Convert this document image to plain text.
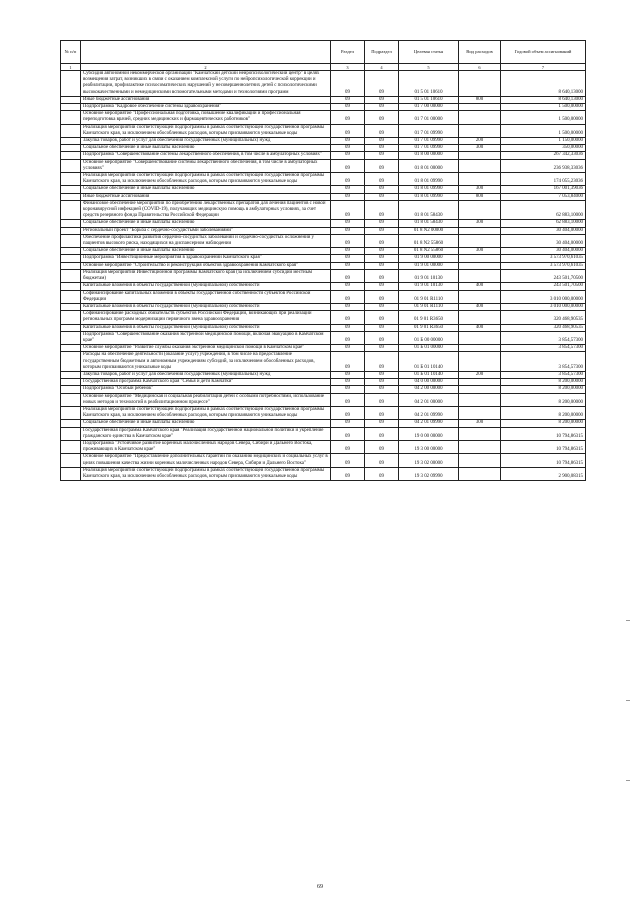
№ п/п		Раздел	Подраздел	Целевая статья	Вид расходов	Годовой объем ассигнований
1	2	3	4	5	6	7
	Субсидия автономной некоммерческой организации "Камчатский детский нейропсихологический центр" в целях возмещения затрат, возникших в связи с оказанием комплексной услуги по нейропсихологической коррекции и реабилитации, профилактике психосоматических нарушений у несовершеннолетних детей с психологическими высококачественными и немедицинскими вспомогательными методами и технологиями программ	09	09	01 5 01 10610		8 640,13000
	Иные бюджетные ассигнования	09	09	01 5 01 10610	800	8 640,13000
	Подпрограмма "Кадровое обеспечение системы здравоохранения"	09	09	01 7 00 00000		1 500,00000
	Основное мероприятие "Профессиональная подготовка, повышение квалификации и профессиональная переподготовка врачей, средних медицинских и фармацевтических работников"	09	09	01 7 01 00000		1 500,00000
	Реализация мероприятий соответствующей подпрограммы в рамках соответствующей государственной программы Камчатского края, за исключением обособленных расходов, которым присваиваются уникальные коды	09	09	01 7 01 09990		1 500,00000
	Закупка товаров, работ и услуг для обеспечения государственных (муниципальных) нужд	09	09	01 7 01 09990	200	1 150,00000
	Социальное обеспечение и иные выплаты населению	09	09	01 7 01 09990	300	350,00000
	Подпрограмма "Совершенствование системы лекарственного обеспечения, в том числе в амбулаторных условиях"	09	09	01 8 00 00000		267 342,33036
	Основное мероприятие "Совершенствование системы лекарственного обеспечения, в том числе в амбулаторных условиях"	09	09	01 8 01 00000		236 938,33036
	Реализация мероприятий соответствующей подпрограммы в рамках соответствующей государственной программы Камчатского края, за исключением обособленных расходов, которым присваиваются уникальные коды	09	09	01 8 01 09990		174 055,23036
	Социальное обеспечение и иные выплаты населению	09	09	01 8 01 09990	300	167 001,39036
	Иные бюджетные ассигнования	09	09	01 8 01 09990	800	7 053,84000
	Финансовое обеспечение мероприятий по приобретению лекарственных препаратов для лечения пациентов с новой коронавирусной инфекцией (COVID-19), получающих медицинскую помощь в амбулаторных условиях, за счет средств резервного фонда Правительства Российской Федерации	09	09	01 8 01 58430		62 883,10000
	Социальное обеспечение и иные выплаты населению	09	09	01 8 01 58430	300	62 883,10000
	Региональный проект "Борьба с сердечно-сосудистыми заболеваниями"	09	09	01 8 N2 00000		30 404,00000
	Обеспечение профилактики развития сердечно-сосудистых заболеваний и сердечно-сосудистых осложнений у пациентов высокого риска, находящихся на диспансерном наблюдении	09	09	01 8 N2 55860		30 404,00000
	Социальное обеспечение и иные выплаты населению	09	09	01 8 N2 55860	300	30 404,00000
	Подпрограмма "Инвестиционные мероприятия в здравоохранении Камчатского края"	09	09	01 9 00 00000		3 573 970,61035
	Основное мероприятие "Строительство и реконструкция объектов здравоохранения Камчатского края"	09	09	01 9 01 00000		3 573 970,61035
	Реализация мероприятий Инвестиционной программы Камчатского края (за исключением субсидий местным бюджетам)	09	09	01 9 01 10130		243 501,70500
	Капитальные вложения в объекты государственной (муниципальной) собственности	09	09	01 9 01 10130	400	243 501,70500
	Софинансирование капитальных вложений в объекты государственной собственности субъектов Российской Федерации	09	09	01 9 01 R1110		3 010 000,00000
	Капитальные вложения в объекты государственной (муниципальной) собственности	09	09	01 9 01 R1110	400	3 010 000,00000
	Софинансирование расходных обязательств субъектов Российской Федерации, возникающих при реализации региональных программ модернизации первичного звена здравоохранения	09	09	01 9 01 R3650		320 468,90535
	Капитальные вложения в объекты государственной (муниципальной) собственности	09	09	01 9 01 R3650	400	320 468,90535
	Подпрограмма "Совершенствование оказания экстренной медицинской помощи, включая эвакуацию в Камчатском крае"	09	09	01 Б 00 00000		3 854,57300
	Основное мероприятие "Развитие службы оказания экстренной медицинской помощи в Камчатском крае"	09	09	01 Б 01 00000		3 854,57300
	Расходы на обеспечение деятельности (оказание услуг) учреждений, в том числе на предоставление государственным бюджетным и автономным учреждениям субсидий, за исключением обособленных расходов, которым присваиваются уникальные коды	09	09	01 Б 01 10140		3 854,57300
	Закупка товаров, работ и услуг для обеспечения государственных (муниципальных) нужд	09	09	01 Б 01 10140	200	3 854,57300
	Государственная программа Камчатского края "Семья и дети Камчатки"	09	09	04 0 00 00000		8 200,00000
	Подпрограмма "Особый ребенок"	09	09	04 2 00 00000		8 200,00000
	Основное мероприятие "Медицинская и социальная реабилитация детей с особыми потребностями, использование новых методов и технологий в реабилитационном процессе"	09	09	04 2 01 00000		8 200,00000
	Реализация мероприятий соответствующей подпрограммы в рамках соответствующей государственной программы Камчатского края, за исключением обособленных расходов, которым присваиваются уникальные коды	09	09	04 2 01 09990		8 200,00000
	Социальное обеспечение и иные выплаты населению	09	09	04 2 01 09990	300	8 200,00000
	Государственная программа Камчатского края "Реализация государственной национальной политики и укрепление гражданского единства в Камчатском крае"	09	09	19 0 00 00000		10 794,86315
	Подпрограмма "Устойчивое развитие коренных малочисленных народов Севера, Сибири и Дальнего Востока, проживающих в Камчатском крае"	09	09	19 3 00 00000		10 794,86315
	Основное мероприятие "Предоставление дополнительных гарантий по оказанию медицинских и социальных услуг в целях повышения качества жизни коренных малочисленных народов Севера, Сибири и Дальнего Востока"	09	09	19 3 02 00000		10 794,86315
	Реализация мероприятий соответствующей подпрограммы в рамках соответствующей государственной программы Камчатского края, за исключением обособленных расходов, которым присваиваются уникальные коды	09	09	19 3 02 09990		2 900,08315
69
